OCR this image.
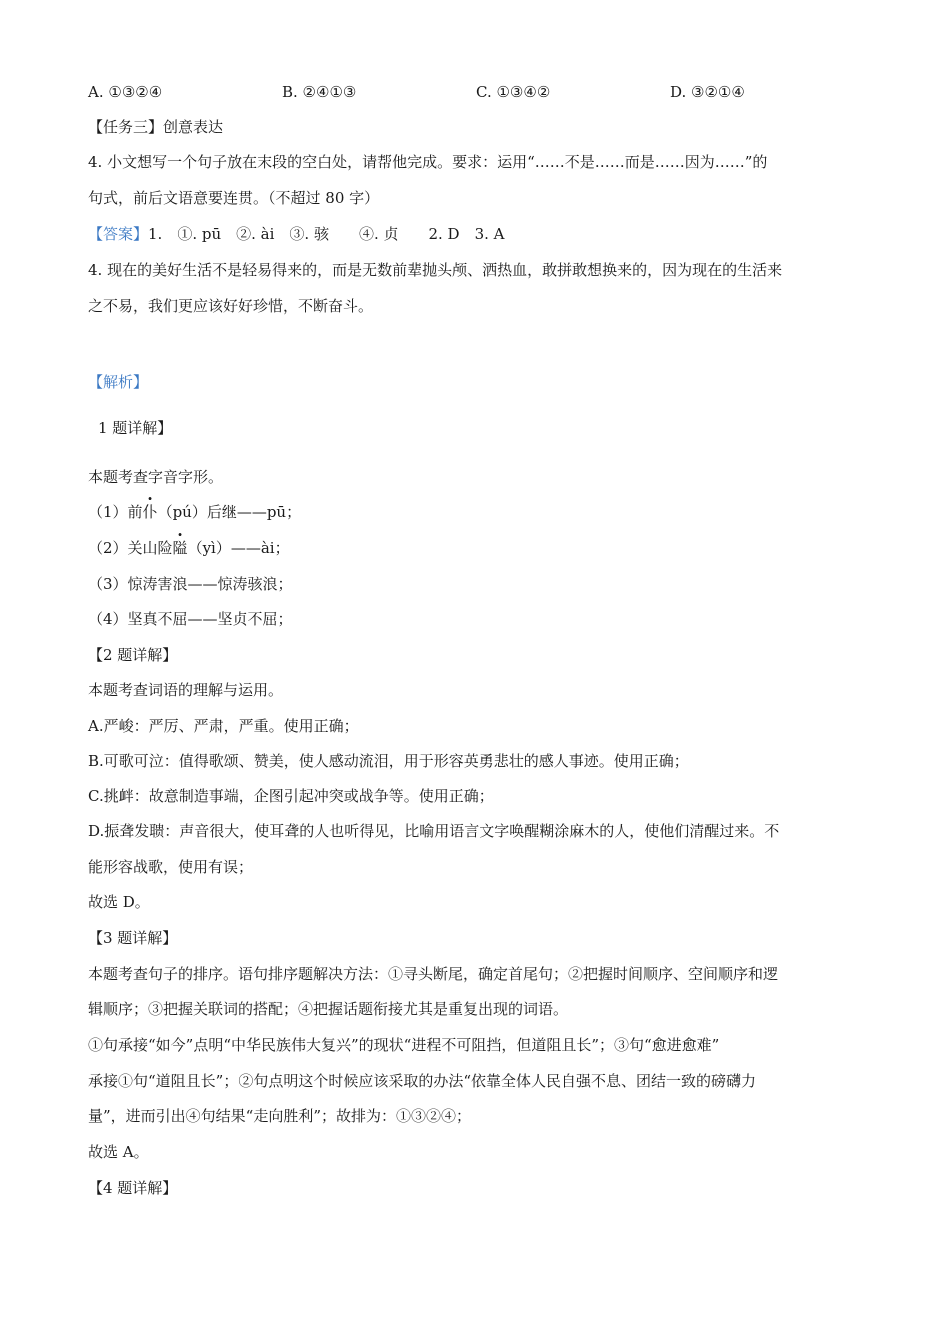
A. ①③②④	B. ②④①③	C. ①③④②	D. ③②①④
【任务三】创意表达
4. 小文想写一个句子放在末段的空白处，请帮他完成。要求：运用“……不是……而是……因为……”的
句式，前后文语意要连贯。（不超过 80 字）
【答案】1.　①. pū　②. ài　③. 骇　　④. 贞　　2. D　3. A
4. 现在的美好生活不是轻易得来的，而是无数前辈抛头颅、洒热血，敢拼敢想换来的，因为现在的生活来
之不易，我们更应该好好珍惜，不断奋斗。
【解析】
1 题详解】
本题考查字音字形。
（1）前仆（pú）后继——pū；
（2）关山险隘（yì）——ài；
（3）惊涛害浪——惊涛骇浪；
（4）坚真不屈——坚贞不屈；
【2 题详解】
本题考查词语的理解与运用。
A.严峻：严厉、严肃，严重。使用正确；
B.可歌可泣：值得歌颂、赞美，使人感动流泪，用于形容英勇悲壮的感人事迹。使用正确；
C.挑衅：故意制造事端，企图引起冲突或战争等。使用正确；
D.振聋发聩：声音很大，使耳聋的人也听得见，比喻用语言文字唤醒糊涂麻木的人，使他们清醒过来。不
能形容战歌，使用有误；
故选 D。
【3 题详解】
本题考查句子的排序。语句排序题解决方法：①寻头断尾，确定首尾句；②把握时间顺序、空间顺序和逻
辑顺序；③把握关联词的搭配；④把握话题衔接尤其是重复出现的词语。
①句承接“如今”点明“中华民族伟大复兴”的现状“进程不可阻挡，但道阻且长”；③句“愈进愈难”
承接①句“道阻且长”；②句点明这个时候应该采取的办法“依靠全体人民自强不息、团结一致的磅礴力
量”，进而引出④句结果“走向胜利”；故排为：①③②④；
故选 A。
【4 题详解】
